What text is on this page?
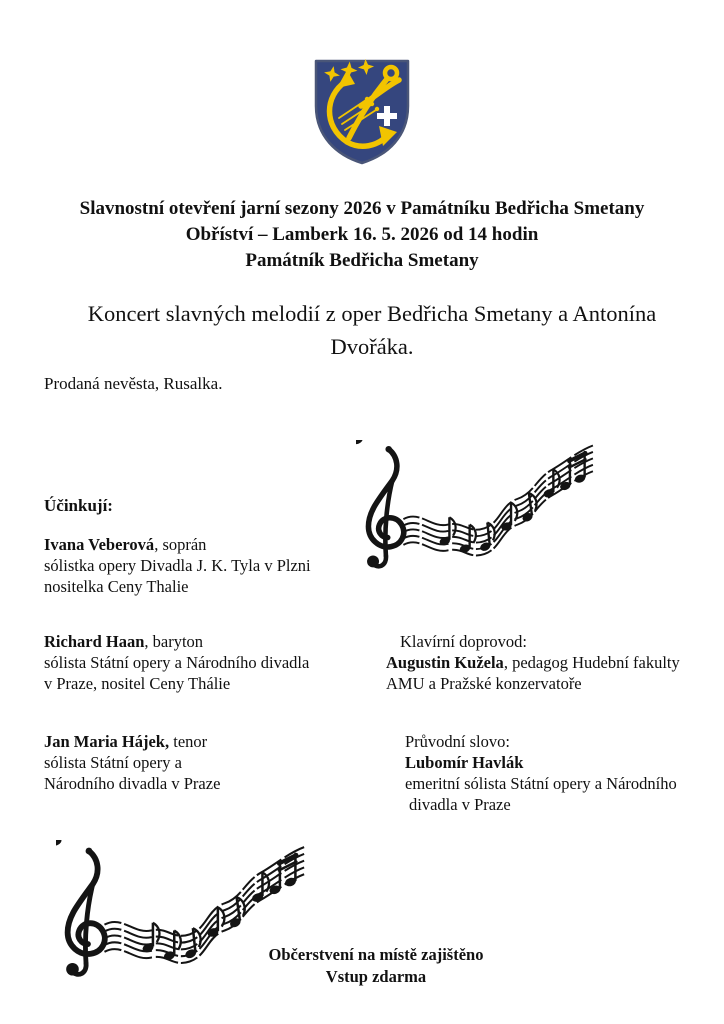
Slavnostní otevření jarní sezony 2026 v Památníku Bedřicha Smetany
Obříství – Lamberk 16. 5. 2026 od 14 hodin
Památník Bedřicha Smetany
Koncert slavných melodií z oper Bedřicha Smetany a Antonína
Dvořáka.
Prodaná nevěsta, Rusalka.
Účinkují:
Ivana Veberová, soprán
sólistka opery Divadla J. K. Tyla v Plzni
nositelka Ceny Thalie
Richard Haan, baryton
sólista Státní opery a Národního divadla
v Praze, nositel Ceny Thálie
Klavírní doprovod:
Augustin Kužela, pedagog Hudební fakulty
AMU a Pražské konzervatoře
Jan Maria Hájek, tenor
sólista Státní opery a
Národního divadla v Praze
Průvodní slovo:
Lubomír Havlák
emeritní sólista Státní opery a Národního
divadla v Praze
Občerstvení na místě zajištěno
Vstup zdarma
